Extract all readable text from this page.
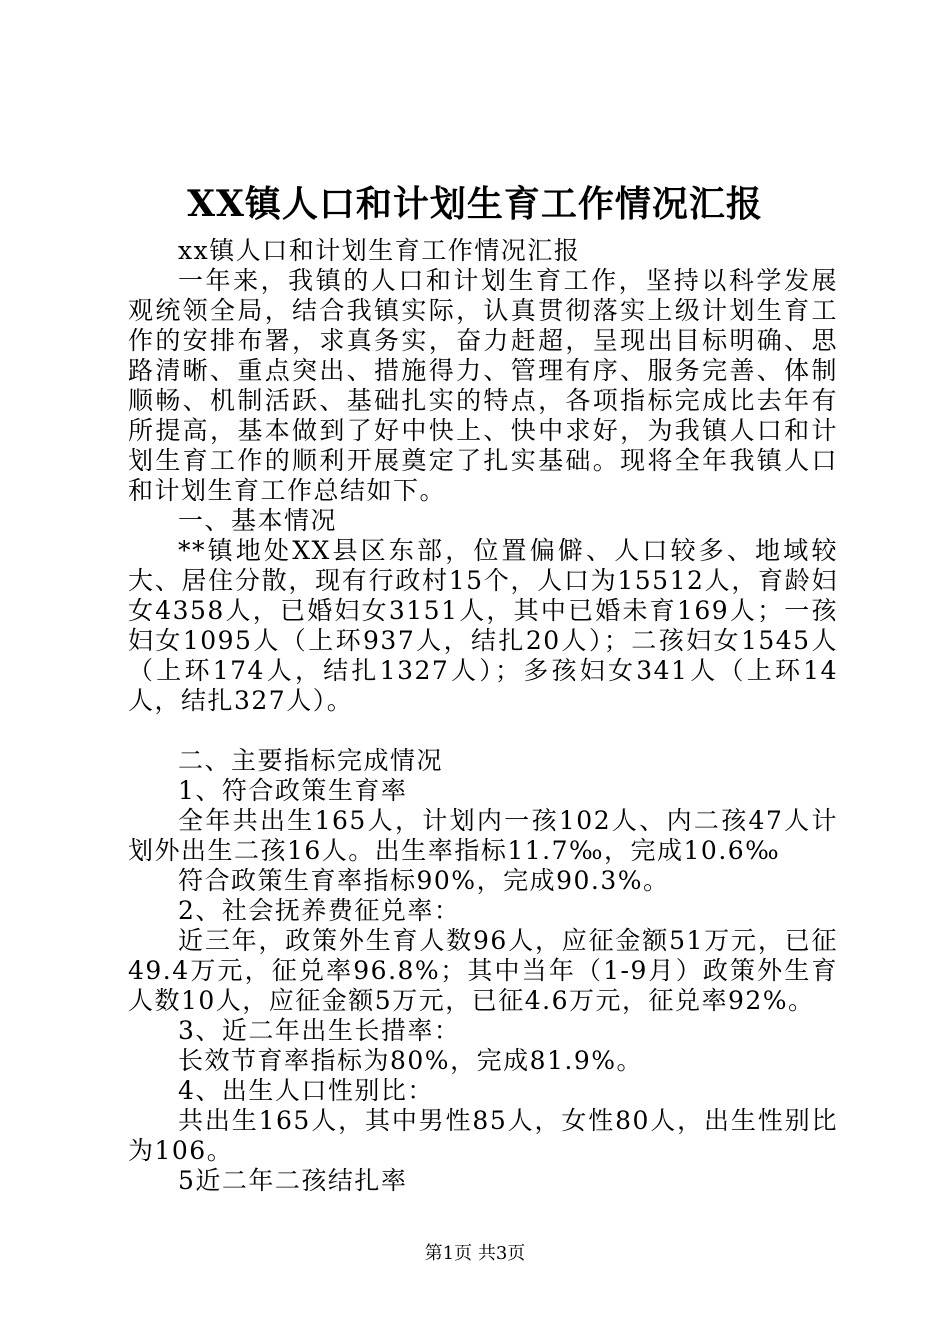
XX镇人口和计划生育工作情况汇报

xx镇人口和计划生育工作情况汇报

一年来，我镇的人口和计划生育工作，坚持以科学发展观统领全局，结合我镇实际，认真贯彻落实上级计划生育工作的安排布署，求真务实，奋力赶超，呈现出目标明确、思路清晰、重点突出、措施得力、管理有序、服务完善、体制顺畅、机制活跃、基础扎实的特点，各项指标完成比去年有所提高，基本做到了好中快上、快中求好，为我镇人口和计划生育工作的顺利开展奠定了扎实基础。现将全年我镇人口和计划生育工作总结如下。

一、基本情况

**镇地处XX县区东部，位置偏僻、人口较多、地域较大、居住分散，现有行政村15个，人口为15512人，育龄妇女4358人，已婚妇女3151人，其中已婚未育169人；一孩妇女1095人（上环937人，结扎20人）；二孩妇女1545人（上环174人，结扎1327人）；多孩妇女341人（上环14人，结扎327人）。

二、主要指标完成情况

1、符合政策生育率

全年共出生165人，计划内一孩102人、内二孩47人计划外出生二孩16人。出生率指标11.7‰，完成10.6‰

符合政策生育率指标90%，完成90.3%。

2、社会抚养费征兑率：

近三年，政策外生育人数96人，应征金额51万元，已征49.4万元，征兑率96.8%；其中当年（1-9月）政策外生育人数10人，应征金额5万元，已征4.6万元，征兑率92%。

3、近二年出生长措率：

长效节育率指标为80%，完成81.9%。

4、出生人口性别比：

共出生165人，其中男性85人，女性80人，出生性别比为106。

5近二年二孩结扎率

第1页 共3页
